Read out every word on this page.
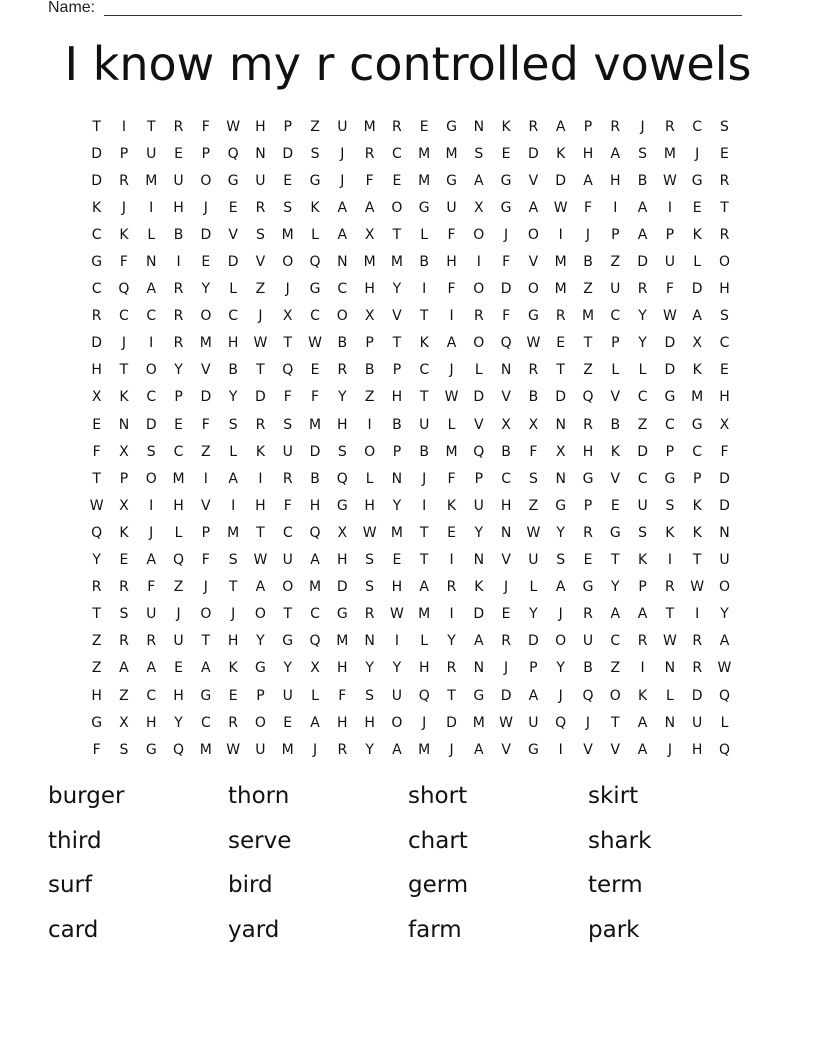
Name:
I know my r controlled vowels
T	I	T	R	F	W	H	P	Z	U	M	R	E	G	N	K	R	A	P	R	J	R	C	S
D	P	U	E	P	Q	N	D	S	J	R	C	M	M	S	E	D	K	H	A	S	M	J	E
D	R	M	U	O	G	U	E	G	J	F	E	M	G	A	G	V	D	A	H	B	W	G	R
K	J	I	H	J	E	R	S	K	A	A	O	G	U	X	G	A	W	F	I	A	I	E	T
C	K	L	B	D	V	S	M	L	A	X	T	L	F	O	J	O	I	J	P	A	P	K	R
G	F	N	I	E	D	V	O	Q	N	M	M	B	H	I	F	V	M	B	Z	D	U	L	O
C	Q	A	R	Y	L	Z	J	G	C	H	Y	I	F	O	D	O	M	Z	U	R	F	D	H
R	C	C	R	O	C	J	X	C	O	X	V	T	I	R	F	G	R	M	C	Y	W	A	S
D	J	I	R	M	H	W	T	W	B	P	T	K	A	O	Q	W	E	T	P	Y	D	X	C
H	T	O	Y	V	B	T	Q	E	R	B	P	C	J	L	N	R	T	Z	L	L	D	K	E
X	K	C	P	D	Y	D	F	F	Y	Z	H	T	W	D	V	B	D	Q	V	C	G	M	H
E	N	D	E	F	S	R	S	M	H	I	B	U	L	V	X	X	N	R	B	Z	C	G	X
F	X	S	C	Z	L	K	U	D	S	O	P	B	M	Q	B	F	X	H	K	D	P	C	F
T	P	O	M	I	A	I	R	B	Q	L	N	J	F	P	C	S	N	G	V	C	G	P	D
W	X	I	H	V	I	H	F	H	G	H	Y	I	K	U	H	Z	G	P	E	U	S	K	D
Q	K	J	L	P	M	T	C	Q	X	W	M	T	E	Y	N	W	Y	R	G	S	K	K	N
Y	E	A	Q	F	S	W	U	A	H	S	E	T	I	N	V	U	S	E	T	K	I	T	U
R	R	F	Z	J	T	A	O	M	D	S	H	A	R	K	J	L	A	G	Y	P	R	W	O
T	S	U	J	O	J	O	T	C	G	R	W	M	I	D	E	Y	J	R	A	A	T	I	Y
Z	R	R	U	T	H	Y	G	Q	M	N	I	L	Y	A	R	D	O	U	C	R	W	R	A
Z	A	A	E	A	K	G	Y	X	H	Y	Y	H	R	N	J	P	Y	B	Z	I	N	R	W
H	Z	C	H	G	E	P	U	L	F	S	U	Q	T	G	D	A	J	Q	O	K	L	D	Q
G	X	H	Y	C	R	O	E	A	H	H	O	J	D	M	W	U	Q	J	T	A	N	U	L
F	S	G	Q	M	W	U	M	J	R	Y	A	M	J	A	V	G	I	V	V	A	J	H	Q
burger	thorn	short	skirt
third	serve	chart	shark
surf	bird	germ	term
card	yard	farm	park
